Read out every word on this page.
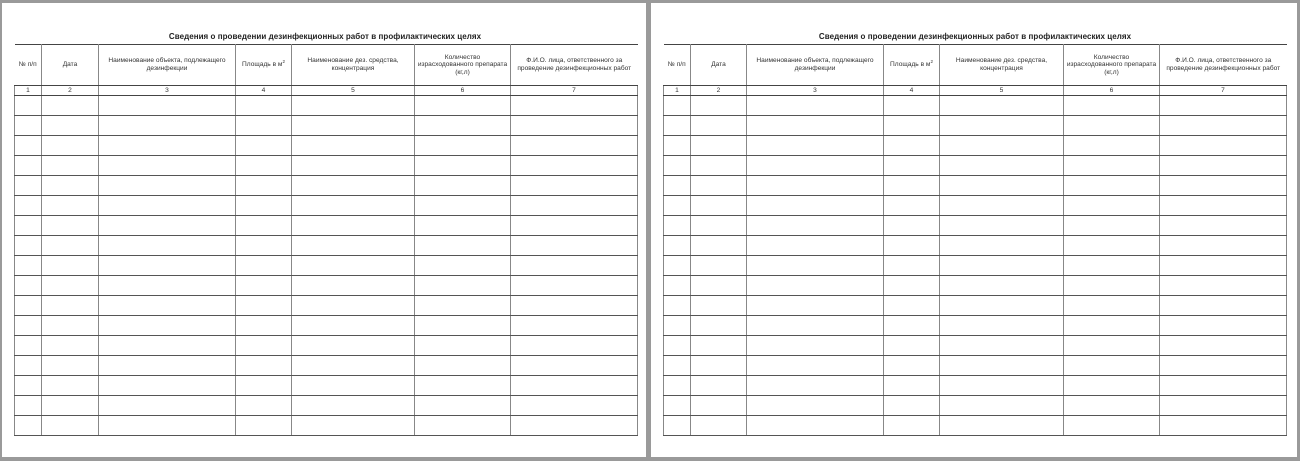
Сведения о проведении дезинфекционных работ в профилактических целях
№ п/п	Дата	Наименование объекта, подлежащего дезинфекции	Площадь в $м^2$	Наименование дез. средства, концентрация	Количество израсходованного препарата (кг,л)	Ф.И.О. лица, ответственного за проведение дезинфекционных работ
1	2	3	4	5	6	7

Сведения о проведении дезинфекционных работ в профилактических целях
№ п/п	Дата	Наименование объекта, подлежащего дезинфекции	Площадь в $м^2$	Наименование дез. средства, концентрация	Количество израсходованного препарата (кг,л)	Ф.И.О. лица, ответственного за проведение дезинфекционных работ
1	2	3	4	5	6	7
